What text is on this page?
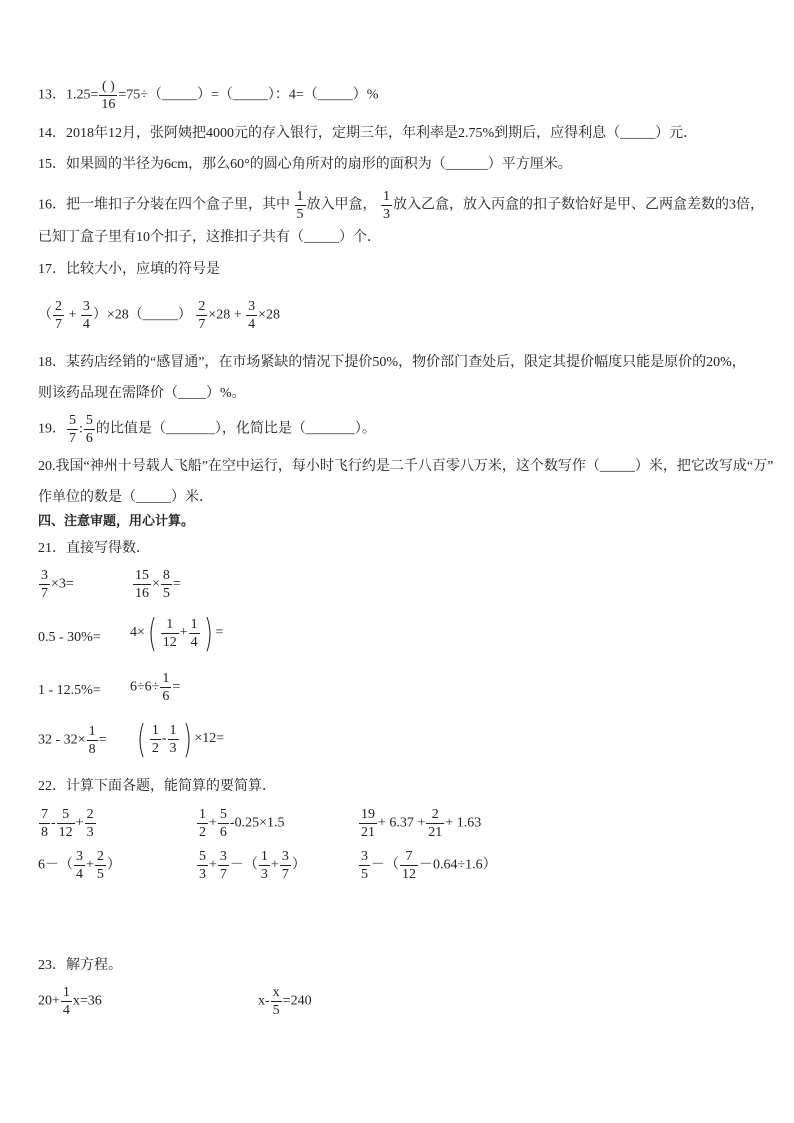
13．$1.25= \frac{( )}{16}$ =75÷（_____）=（_____）：4=（_____）%
14．2018年12月，张阿姨把4000元的存入银行，定期三年，年利率是2.75%到期后，应得利息（_____）元．
15．如果圆的半径为6cm，那么60°的圆心角所对的扇形的面积为（______）平方厘米。
16．把一堆扣子分装在四个盒子里，其中 $\frac{1}{5}$ 放入甲盒， $\frac{1}{3}$ 放入乙盒，放入丙盒的扣子数恰好是甲、乙两盒差数的3倍，
已知丁盒子里有10个扣子，这推扣子共有（_____）个．
17．比较大小，应填的符号是
（ $\frac{2}{7} + \frac{3}{4}$ ）×28（_____） $\frac{2}{7} \times 28 + \frac{3}{4} \times 28$
18．某药店经销的“感冒通”，在市场紧缺的情况下提价50%，物价部门查处后，限定其提价幅度只能是原价的20%，
则该药品现在需降价（____）%。
19． $\frac{5}{7}$ : $\frac{5}{6}$ 的比值是（_______），化简比是（_______）。
20.我国“神州十号载人飞船”在空中运行，每小时飞行约是二千八百零八万米，这个数写作（_____）米，把它改写成“万”
作单位的数是（_____）米．
四、注意审题，用心计算。
21．直接写得数．
$\frac{3}{7} \times 3=$	$\frac{15}{16} \times \frac{8}{5}$ =
$0.5 - 30\%= 4\times( \frac{1}{12} + \frac{1}{4}$ ) =
$1 - 12.5\%= 6\div 6\div \frac{1}{6}$ =
$32 - 32\times \frac{1}{8}$ = ( $\frac{1}{2} - \frac{1}{3}$ ) ×12=
22．计算下面各题，能简算的要简算．
$\frac{7}{8} - \frac{5}{12} + \frac{2}{3}$	$\frac{1}{2} + \frac{5}{6} -0.25\times 1.5$	$\frac{19}{21} + 6.37 + \frac{2}{21} + 1.63$
$6-( \frac{3}{4} + \frac{2}{5}$ ）	$\frac{5}{3} + \frac{3}{7}$ －（ $\frac{1}{3} + \frac{3}{7}$ ）	$\frac{3}{5}$ －（ $\frac{7}{12} -0.64\div 1.6$）
23．解方程。
$20+ \frac{1}{4} x=36$	$x- \frac{x}{5} =240$
